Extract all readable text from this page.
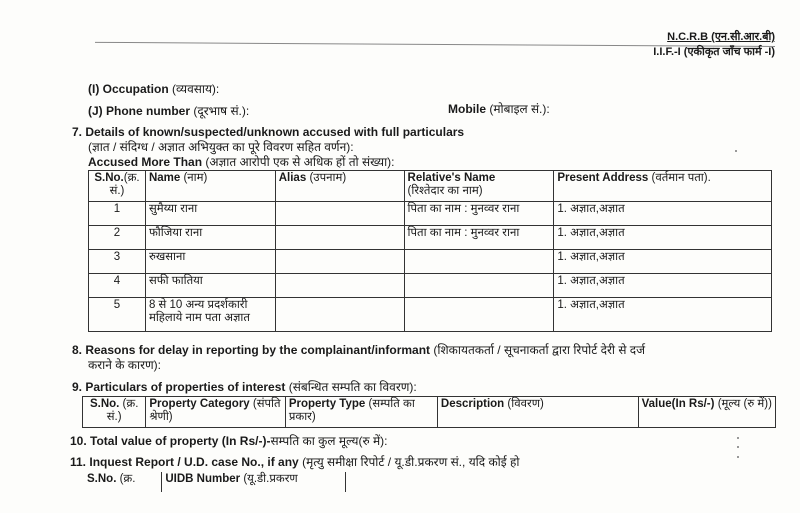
N.C.R.B (एन.सी.आर.बी)
I.I.F.-I (एकीकृत जाँच फार्म -I)
(I) Occupation (व्यवसाय):
(J) Phone number (दूरभाष सं.):	Mobile (मोबाइल सं.):
7. Details of known/suspected/unknown accused with full particulars
(ज्ञात / संदिग्ध / अज्ञात अभियुक्त का पूरे विवरण सहित वर्णन):
Accused More Than (अज्ञात आरोपी एक से अधिक हों तो संख्या):
S.No.(क्र. सं.)	Name (नाम)	Alias (उपनाम)	Relative's Name
(रिश्तेदार का नाम)	Present Address (वर्तमान पता).
1	सुमैय्या राना		पिता का नाम : मुनव्वर राना	1. अज्ञात,अज्ञात
2	फौजिया राना		पिता का नाम : मुनव्वर राना	1. अज्ञात,अज्ञात
3	रुखसाना			1. अज्ञात,अज्ञात
4	सफी फातिया			1. अज्ञात,अज्ञात
5	8 से 10 अन्य प्रदर्शकारी महिलाये नाम पता अज्ञात			1. अज्ञात,अज्ञात
8. Reasons for delay in reporting by the complainant/informant (शिकायतकर्ता / सूचनाकर्ता द्वारा रिपोर्ट देरी से दर्ज
कराने के कारण):
9. Particulars of properties of interest (संबन्धित सम्पति का विवरण):
S.No. (क्र. सं.)	Property Category (संपति श्रेणी)	Property Type (सम्पति का प्रकार)	Description (विवरण)	Value(In Rs/-) (मूल्य (रु में))
10. Total value of property (In Rs/-)-सम्पति का कुल मूल्य(रु में):
11. Inquest Report / U.D. case No., if any (मृत्यु समीक्षा रिपोर्ट / यू.डी.प्रकरण सं., यदि कोई हो
S.No. (क्र.	UIDB Number (यू.डी.प्रकरण
